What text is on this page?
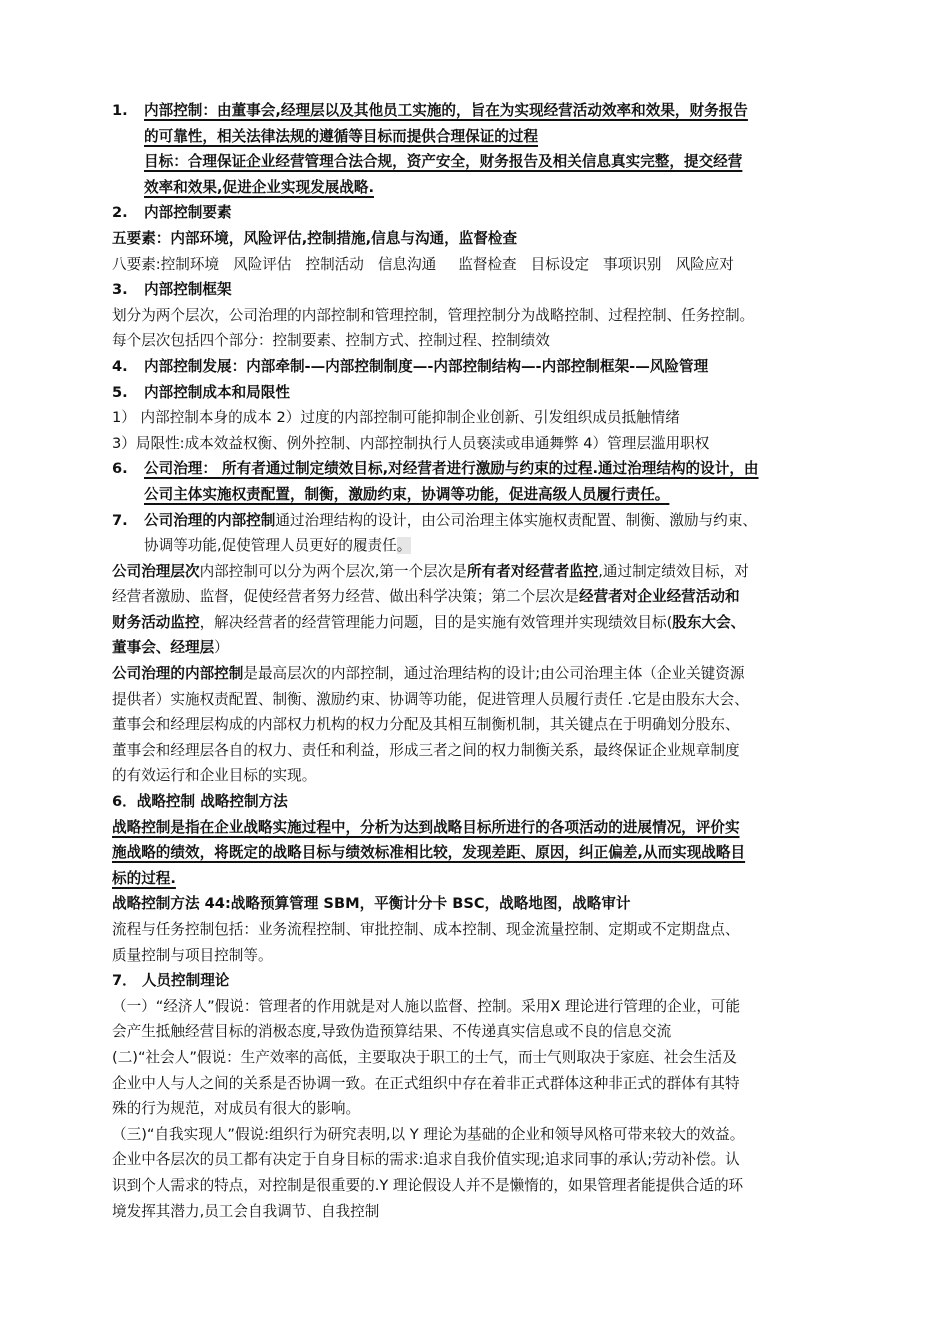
1. 内部控制：由董事会,经理层以及其他员工实施的，旨在为实现经营活动效率和效果，财务报告
的可靠性，相关法律法规的遵循等目标而提供合理保证的过程
目标：合理保证企业经营管理合法合规，资产安全，财务报告及相关信息真实完整，提交经营
效率和效果,促进企业实现发展战略.
2. 内部控制要素
五要素：内部环境，风险评估,控制措施,信息与沟通，监督检查
八要素:控制环境 风险评估 控制活动 信息沟通 监督检查 目标设定 事项识别 风险应对
3. 内部控制框架
划分为两个层次，公司治理的内部控制和管理控制，管理控制分为战略控制、过程控制、任务控制。
每个层次包括四个部分：控制要素、控制方式、控制过程、控制绩效
4. 内部控制发展：内部牵制-—内部控制制度—-内部控制结构—-内部控制框架-—风险管理
5. 内部控制成本和局限性
1） 内部控制本身的成本 2）过度的内部控制可能抑制企业创新、引发组织成员抵触情绪
3）局限性:成本效益权衡、例外控制、内部控制执行人员亵渎或串通舞弊 4）管理层滥用职权
6. 公司治理： 所有者通过制定绩效目标,对经营者进行激励与约束的过程.通过治理结构的设计，由
公司主体实施权责配置，制衡，激励约束，协调等功能，促进高级人员履行责任。
7. 公司治理的内部控制通过治理结构的设计，由公司治理主体实施权责配置、制衡、激励与约束、
协调等功能,促使管理人员更好的履责任。
公司治理层次内部控制可以分为两个层次,第一个层次是所有者对经营者监控,通过制定绩效目标，对
经营者激励、监督，促使经营者努力经营、做出科学决策；第二个层次是经营者对企业经营活动和
财务活动监控，解决经营者的经营管理能力问题，目的是实施有效管理并实现绩效目标(股东大会、
董事会、经理层）
公司治理的内部控制是最高层次的内部控制，通过治理结构的设计;由公司治理主体（企业关键资源
提供者）实施权责配置、制衡、激励约束、协调等功能，促进管理人员履行责任 .它是由股东大会、
董事会和经理层构成的内部权力机构的权力分配及其相互制衡机制，其关键点在于明确划分股东、
董事会和经理层各自的权力、责任和利益，形成三者之间的权力制衡关系，最终保证企业规章制度
的有效运行和企业目标的实现。
6．战略控制 战略控制方法
战略控制是指在企业战略实施过程中，分析为达到战略目标所进行的各项活动的进展情况，评价实
施战略的绩效，将既定的战略目标与绩效标准相比较，发现差距、原因，纠正偏差,从而实现战略目
标的过程.
战略控制方法 44:战略预算管理 SBM，平衡计分卡 BSC，战略地图，战略审计
流程与任务控制包括：业务流程控制、审批控制、成本控制、现金流量控制、定期或不定期盘点、
质量控制与项目控制等。
7． 人员控制理论
（一）“经济人”假说：管理者的作用就是对人施以监督、控制。采用X 理论进行管理的企业，可能
会产生抵触经营目标的消极态度,导致伪造预算结果、不传递真实信息或不良的信息交流
(二)“社会人”假说：生产效率的高低，主要取决于职工的士气，而士气则取决于家庭、社会生活及
企业中人与人之间的关系是否协调一致。在正式组织中存在着非正式群体这种非正式的群体有其特
殊的行为规范，对成员有很大的影响。
（三)“自我实现人”假说:组织行为研究表明,以 Y 理论为基础的企业和领导风格可带来较大的效益。
企业中各层次的员工都有决定于自身目标的需求:追求自我价值实现;追求同事的承认;劳动补偿。认
识到个人需求的特点，对控制是很重要的.Y 理论假设人并不是懒惰的，如果管理者能提供合适的环
境发挥其潜力,员工会自我调节、自我控制
